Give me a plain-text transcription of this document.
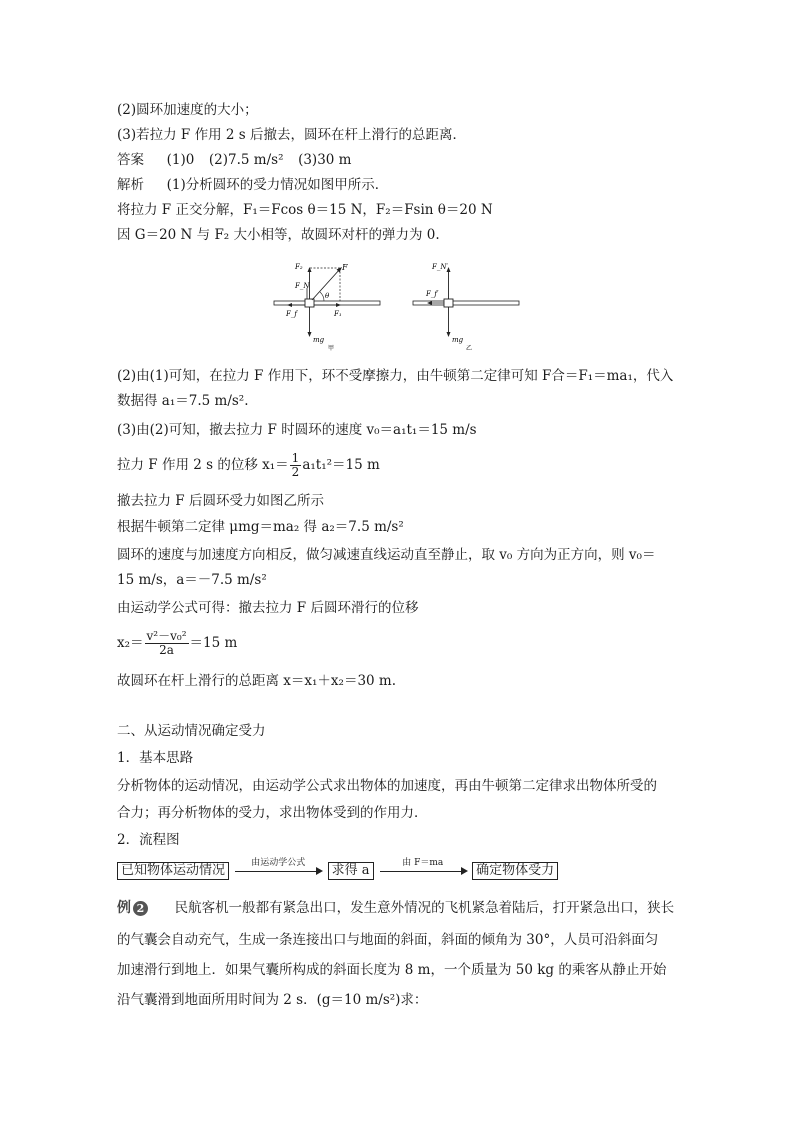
(2)圆环加速度的大小；
(3)若拉力 F 作用 2 s 后撤去，圆环在杆上滑行的总距离．
答案 (1)0 (2)7.5 m/s² (3)30 m
解析 (1)分析圆环的受力情况如图甲所示．
将拉力 F 正交分解，F₁＝Fcos θ＝15 N，F₂＝Fsin θ＝20 N
因 G＝20 N 与 F₂ 大小相等，故圆环对杆的弹力为 0.
F₂	F
F_N
θ
F_f	F₁
mg
甲
F_N′
F_f′
mg
乙
(2)由(1)可知，在拉力 F 作用下，环不受摩擦力，由牛顿第二定律可知 F合＝F₁＝ma₁，代入
数据得 a₁＝7.5 m/s².
(3)由(2)可知，撤去拉力 F 时圆环的速度 v₀＝a₁t₁＝15 m/s
拉力 F 作用 2 s 的位移 $x_1= \frac{1}{2} a_1t_1^2=15$ m
撤去拉力 F 后圆环受力如图乙所示
根据牛顿第二定律 μmg＝ma₂ 得 a₂＝7.5 m/s²
圆环的速度与加速度方向相反，做匀减速直线运动直至静止，取 v₀ 方向为正方向，则 v₀＝
15 m/s，a＝－7.5 m/s²
由运动学公式可得：撤去拉力 F 后圆环滑行的位移
$x_2= \frac{\text{v²－v₀²}}{2a} =15$ m
故圆环在杆上滑行的总距离 x＝x₁＋x₂＝30 m.
二、从运动情况确定受力
1．基本思路
分析物体的运动情况，由运动学公式求出物体的加速度，再由牛顿第二定律求出物体所受的
合力；再分析物体的受力，求出物体受到的作用力．
2．流程图
已知物体运动情况
由运动学公式
求得 a
由 F＝ma
确定物体受力
例 2 民航客机一般都有紧急出口，发生意外情况的飞机紧急着陆后，打开紧急出口，狭长
的气囊会自动充气，生成一条连接出口与地面的斜面，斜面的倾角为 30°，人员可沿斜面匀
加速滑行到地上．如果气囊所构成的斜面长度为 8 m，一个质量为 50 kg 的乘客从静止开始
沿气囊滑到地面所用时间为 2 s．(g＝10 m/s²)求：
